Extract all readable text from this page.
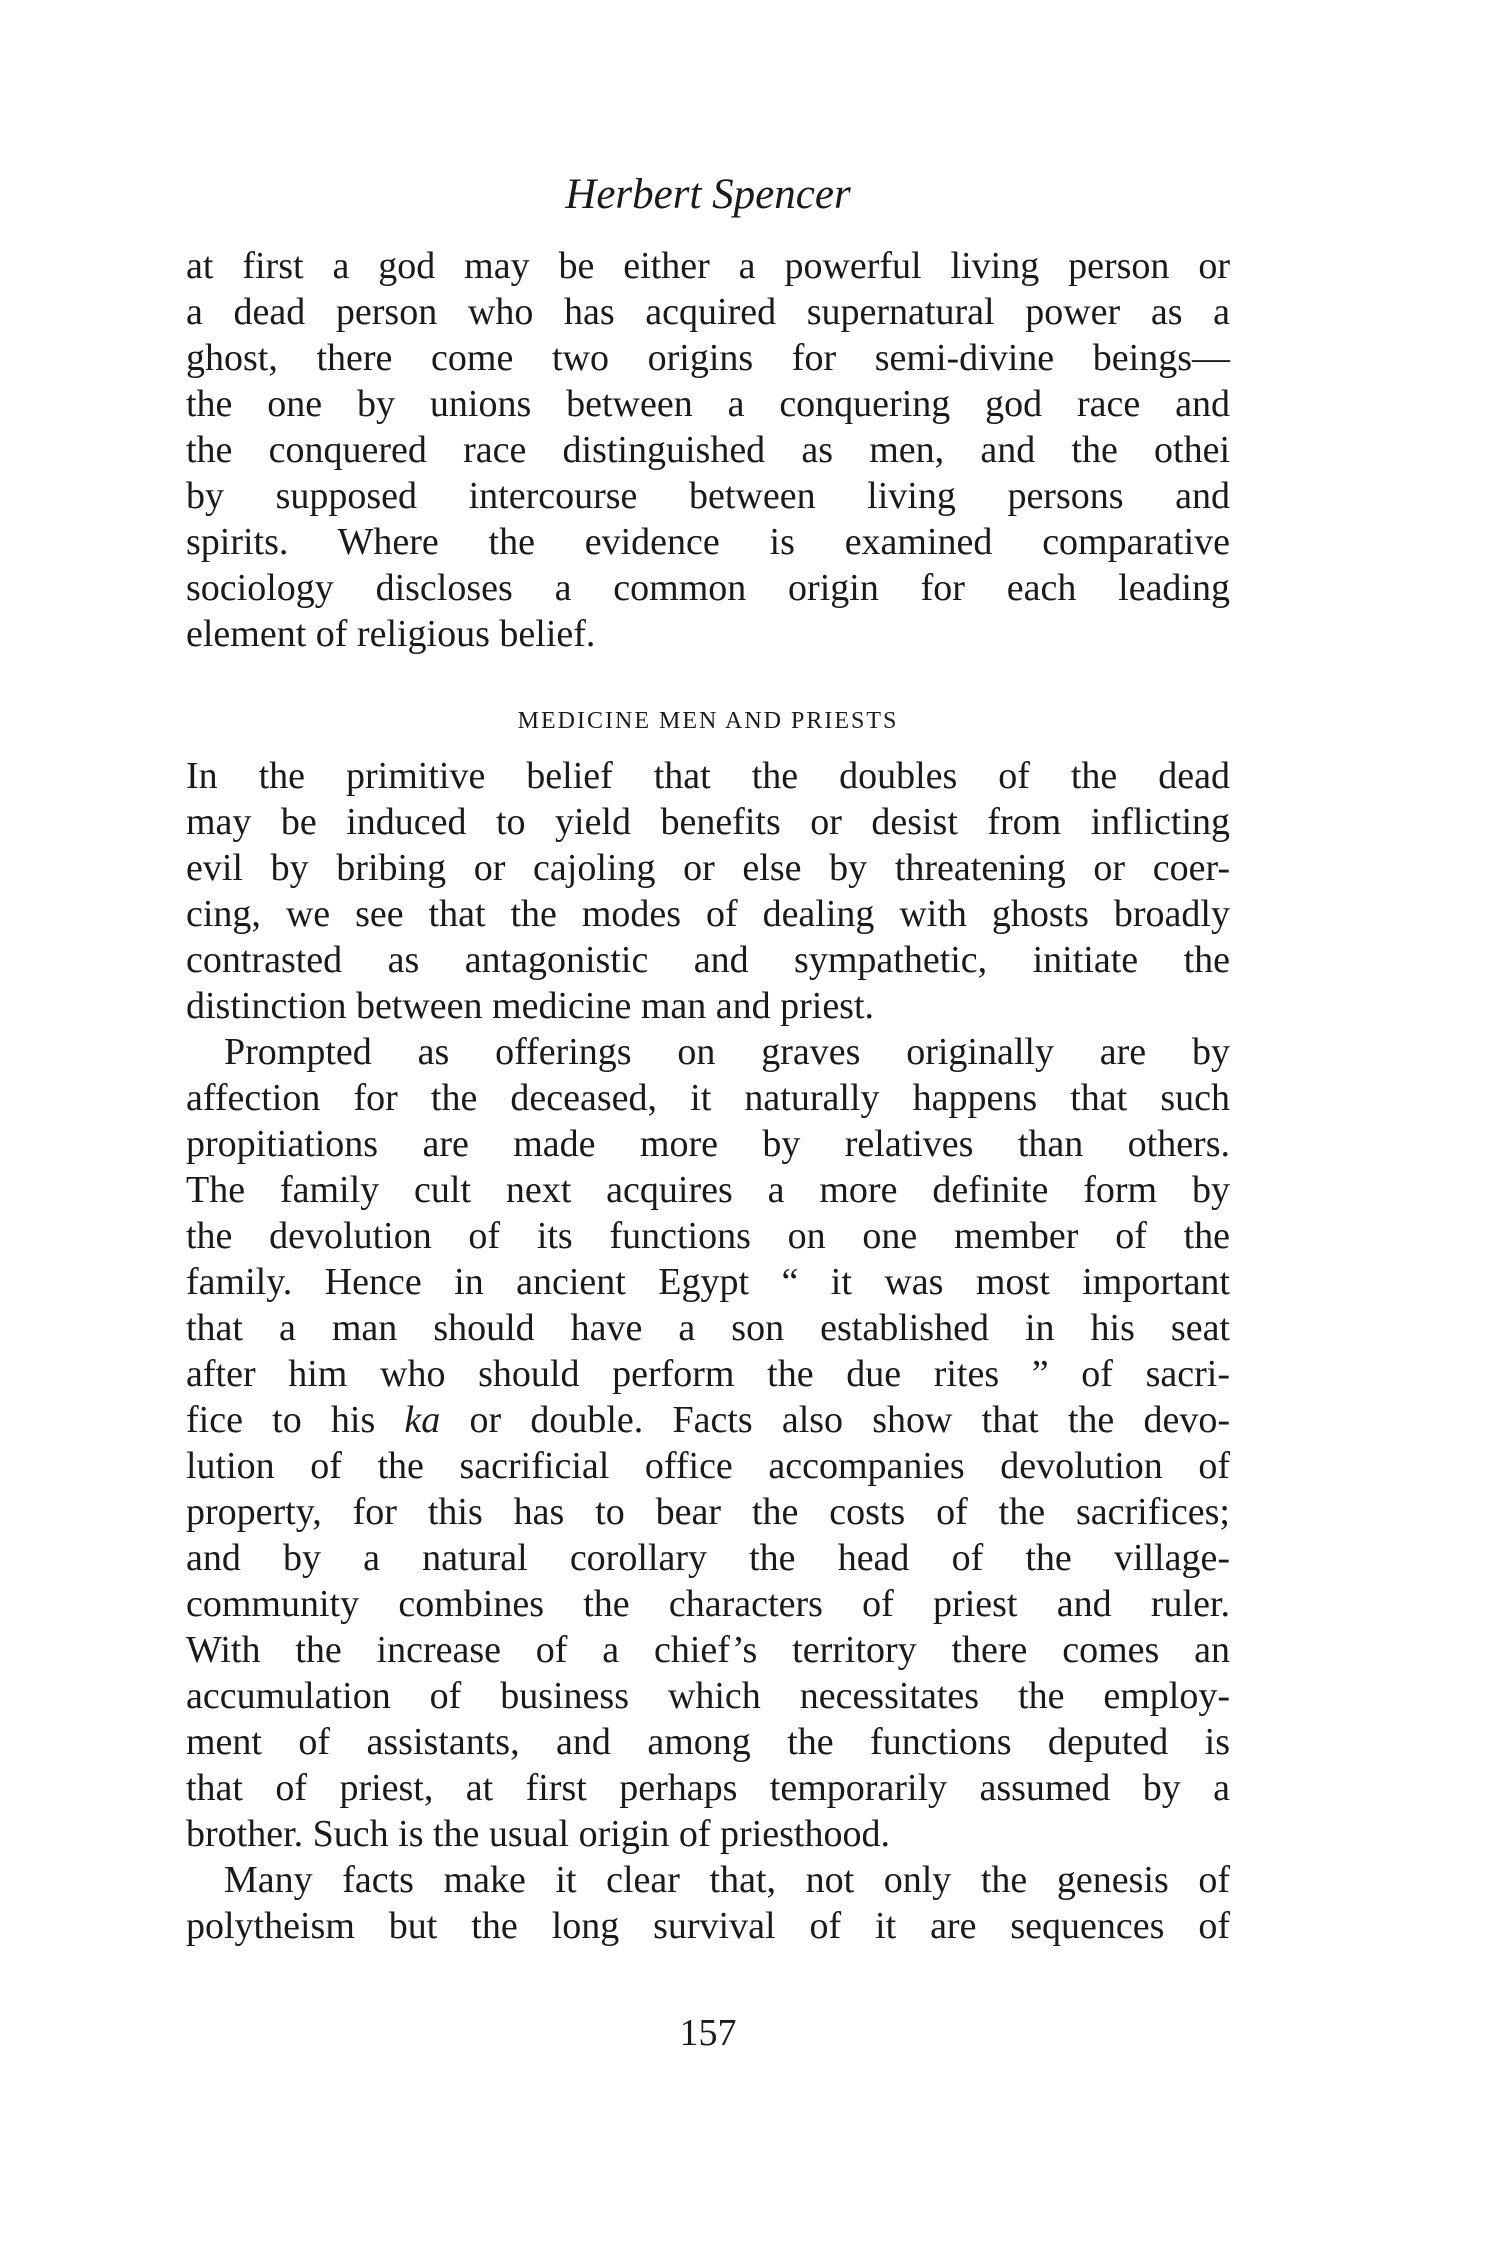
Herbert Spencer
at first a god may be either a powerful living person or
a dead person who has acquired supernatural power as a
ghost, there come two origins for semi-divine beings—
the one by unions between a conquering god race and
the conquered race distinguished as men, and the othei
by supposed intercourse between living persons and
spirits. Where the evidence is examined comparative
sociology discloses a common origin for each leading
element of religious belief.
MEDICINE MEN AND PRIESTS
In the primitive belief that the doubles of the dead
may be induced to yield benefits or desist from inflicting
evil by bribing or cajoling or else by threatening or coer-
cing, we see that the modes of dealing with ghosts broadly
contrasted as antagonistic and sympathetic, initiate the
distinction between medicine man and priest.
Prompted as offerings on graves originally are by
affection for the deceased, it naturally happens that such
propitiations are made more by relatives than others.
The family cult next acquires a more definite form by
the devolution of its functions on one member of the
family. Hence in ancient Egypt “ it was most important
that a man should have a son established in his seat
after him who should perform the due rites ” of sacri-
fice to his ka or double. Facts also show that the devo-
lution of the sacrificial office accompanies devolution of
property, for this has to bear the costs of the sacrifices;
and by a natural corollary the head of the village-
community combines the characters of priest and ruler.
With the increase of a chief’s territory there comes an
accumulation of business which necessitates the employ-
ment of assistants, and among the functions deputed is
that of priest, at first perhaps temporarily assumed by a
brother. Such is the usual origin of priesthood.
Many facts make it clear that, not only the genesis of
polytheism but the long survival of it are sequences of
157
